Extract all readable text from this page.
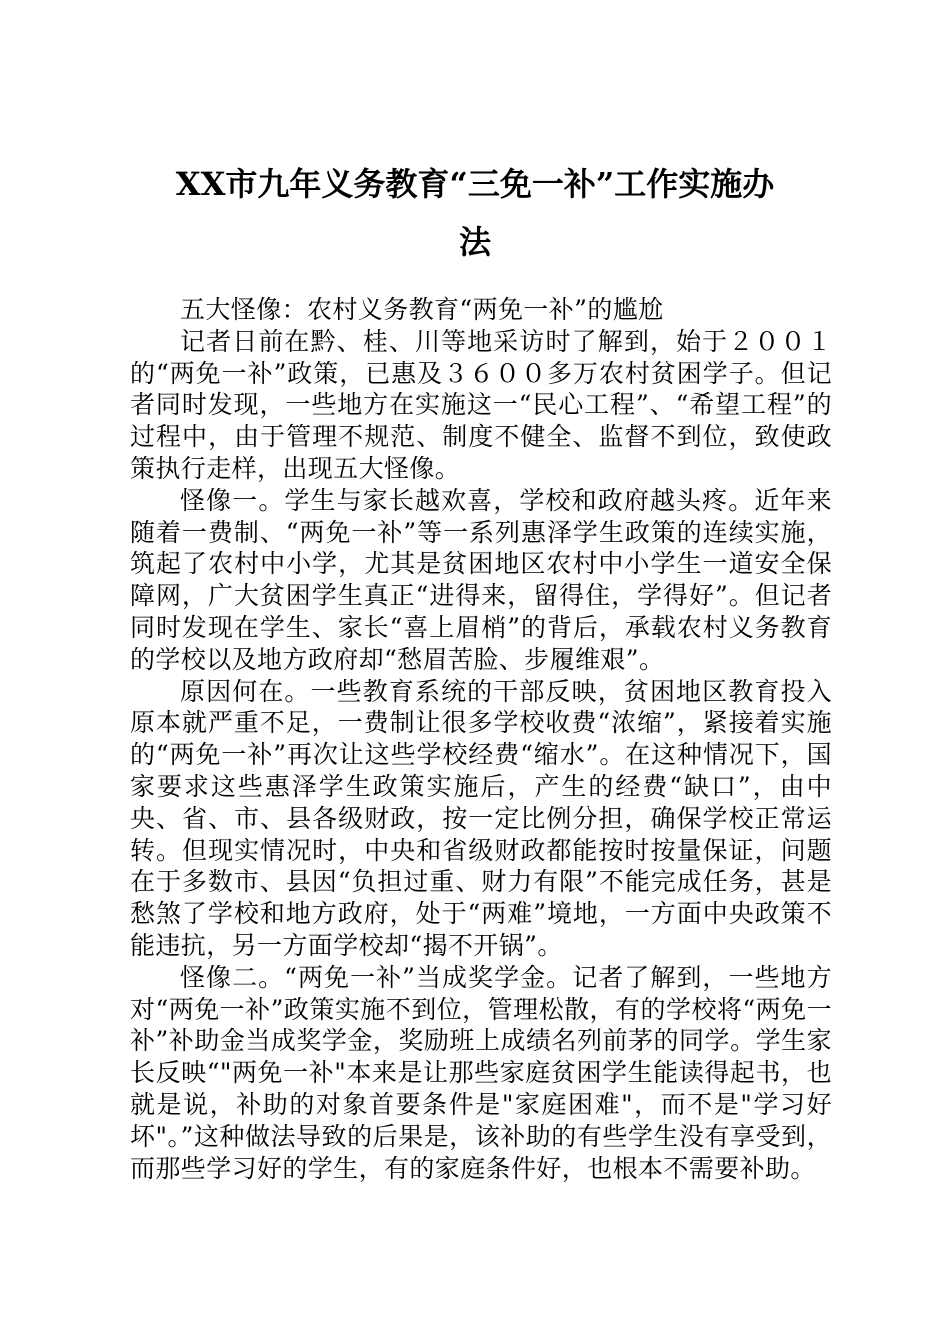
XX市九年义务教育“三免一补”工作实施办
法

五大怪像：农村义务教育“两免一补”的尴尬

记者日前在黔、桂、川等地采访时了解到，始于２００１的“两免一补”政策，已惠及３６００多万农村贫困学子。但记者同时发现，一些地方在实施这一“民心工程”、“希望工程”的过程中，由于管理不规范、制度不健全、监督不到位，致使政策执行走样，出现五大怪像。

怪像一。学生与家长越欢喜，学校和政府越头疼。近年来随着一费制、“两免一补”等一系列惠泽学生政策的连续实施，筑起了农村中小学，尤其是贫困地区农村中小学生一道安全保障网，广大贫困学生真正“进得来，留得住，学得好”。但记者同时发现在学生、家长“喜上眉梢”的背后，承载农村义务教育的学校以及地方政府却“愁眉苦脸、步履维艰”。

原因何在。一些教育系统的干部反映，贫困地区教育投入原本就严重不足，一费制让很多学校收费“浓缩”，紧接着实施的“两免一补”再次让这些学校经费“缩水”。在这种情况下，国家要求这些惠泽学生政策实施后，产生的经费“缺口”，由中央、省、市、县各级财政，按一定比例分担，确保学校正常运转。但现实情况时，中央和省级财政都能按时按量保证，问题在于多数市、县因“负担过重、财力有限”不能完成任务，甚是愁煞了学校和地方政府，处于“两难”境地，一方面中央政策不能违抗，另一方面学校却“揭不开锅”。

怪像二。“两免一补”当成奖学金。记者了解到，一些地方对“两免一补”政策实施不到位，管理松散，有的学校将“两免一补”补助金当成奖学金，奖励班上成绩名列前茅的同学。学生家长反映“"两免一补"本来是让那些家庭贫困学生能读得起书，也就是说，补助的对象首要条件是"家庭困难"，而不是"学习好坏"。”这种做法导致的后果是，该补助的有些学生没有享受到，而那些学习好的学生，有的家庭条件好，也根本不需要补助。
